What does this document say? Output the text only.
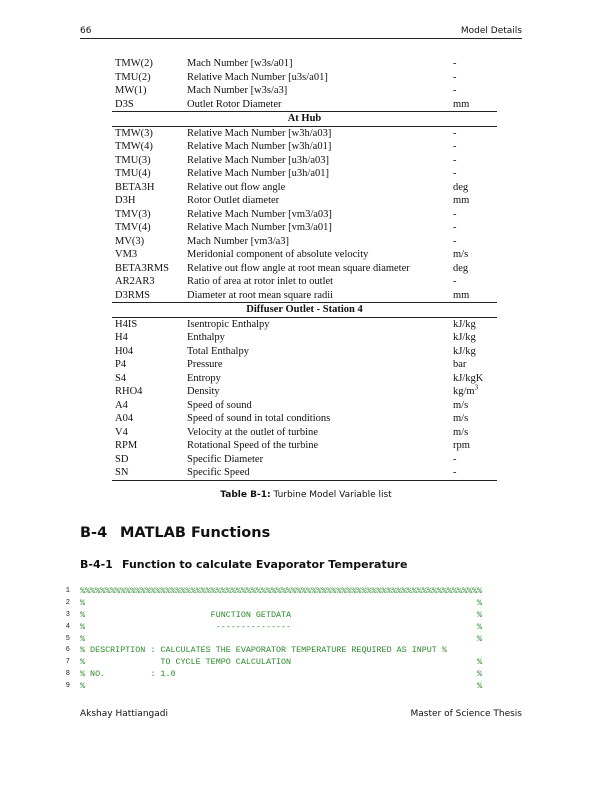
66	Model Details
TMW(2)	Mach Number [w3s/a01]	-
TMU(2)	Relative Mach Number [u3s/a01]	-
MW(1)	Mach Number [w3s/a3]	-
D3S	Outlet Rotor Diameter	mm
At Hub		
TMW(3)	Relative Mach Number [w3h/a03]	-
TMW(4)	Relative Mach Number [w3h/a01]	-
TMU(3)	Relative Mach Number [u3h/a03]	-
TMU(4)	Relative Mach Number [u3h/a01]	-
BETA3H	Relative out flow angle	deg
D3H	Rotor Outlet diameter	mm
TMV(3)	Relative Mach Number [vm3/a03]	-
TMV(4)	Relative Mach Number [vm3/a01]	-
MV(3)	Mach Number [vm3/a3]	-
VM3	Meridonial component of absolute velocity	m/s
BETA3RMS	Relative out flow angle at root mean square diameter	deg
AR2AR3	Ratio of area at rotor inlet to outlet	-
D3RMS	Diameter at root mean square radii	mm
Diffuser Outlet - Station 4		
H4IS	Isentropic Enthalpy	kJ/kg
H4	Enthalpy	kJ/kg
H04	Total Enthalpy	kJ/kg
P4	Pressure	bar
S4	Entropy	kJ/kgK
RHO4	Density	$kg/m^3$
A4	Speed of sound	m/s
A04	Speed of sound in total conditions	m/s
V4	Velocity at the outlet of turbine	m/s
RPM	Rotational Speed of the turbine	rpm
SD	Specific Diameter	-
SN	Specific Speed	-
Table B-1: Turbine Model Variable list
B-4 MATLAB Functions
B-4-1 Function to calculate Evaporator Temperature
1 %%%%%%%%%%%%%%%%%%%%%%%%%%%%%%%%%%%%%%%%%%%%%%%%%%%%%%%%%%%%%%%%%%%%%%%%%%%%%%%%
2 %                                                                              %
3 %                         FUNCTION GETDATA                                     %
4 %                          ---------------                                     %
5 %                                                                              %
6 % DESCRIPTION : CALCULATES THE EVAPORATOR TEMPERATURE REQUIRED AS INPUT %
7 %               TO CYCLE TEMPO CALCULATION                                     %
8 % NO.         : 1.0                                                            %
9 %                                                                              %
Akshay Hattiangadi	Master of Science Thesis
